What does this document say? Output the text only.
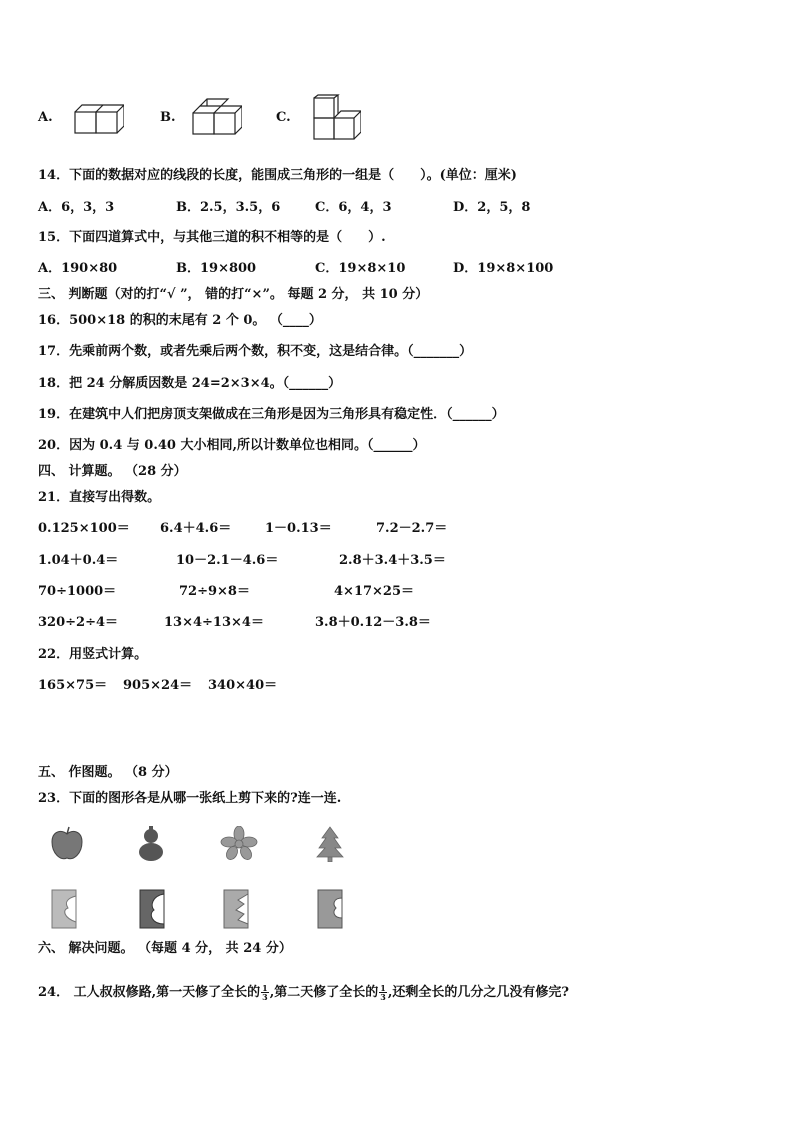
A.	B.	C.
14．下面的数据对应的线段的长度，能围成三角形的一组是（　　）。(单位：厘米)
A．6，3，3	B．2.5，3.5，6	C．6，4，3	D．2，5，8
15．下面四道算式中，与其他三道的积不相等的是（　　）.
A．190×80	B．19×800	C．19×8×10	D．19×8×100
三、 判断题（对的打“√ ”， 错的打“×”。 每题 2 分， 共 10 分）
16．500×18 的积的末尾有 2 个 0。 （____）
17．先乘前两个数，或者先乘后两个数，积不变，这是结合律。（_______）
18．把 24 分解质因数是 24=2×3×4。（______）
19．在建筑中人们把房顶支架做成在三角形是因为三角形具有稳定性．（______）
20．因为 0.4 与 0.40 大小相同,所以计数单位也相同。（______）
四、 计算题。 （28 分）
21．直接写出得数。
0.125×100＝ 6.4＋4.6＝	1－0.13＝	7.2－2.7＝
1.04＋0.4＝	10－2.1－4.6＝	2.8＋3.4＋3.5＝
70÷1000＝	72÷9×8＝	4×17×25＝
320÷2÷4＝	13×4÷13×4＝	3.8＋0.12－3.8＝
22．用竖式计算。
165×75＝ 905×24＝ 340×40＝
五、 作图题。 （8 分）
23．下面的图形各是从哪一张纸上剪下来的?连一连.
六、 解决问题。 （每题 4 分， 共 24 分）
24． 工人叔叔修路,第一天修了全长的 $\frac{1}{3}$ ,第二天修了全长的 $\frac{1}{3}$ ,还剩全长的几分之几没有修完?
